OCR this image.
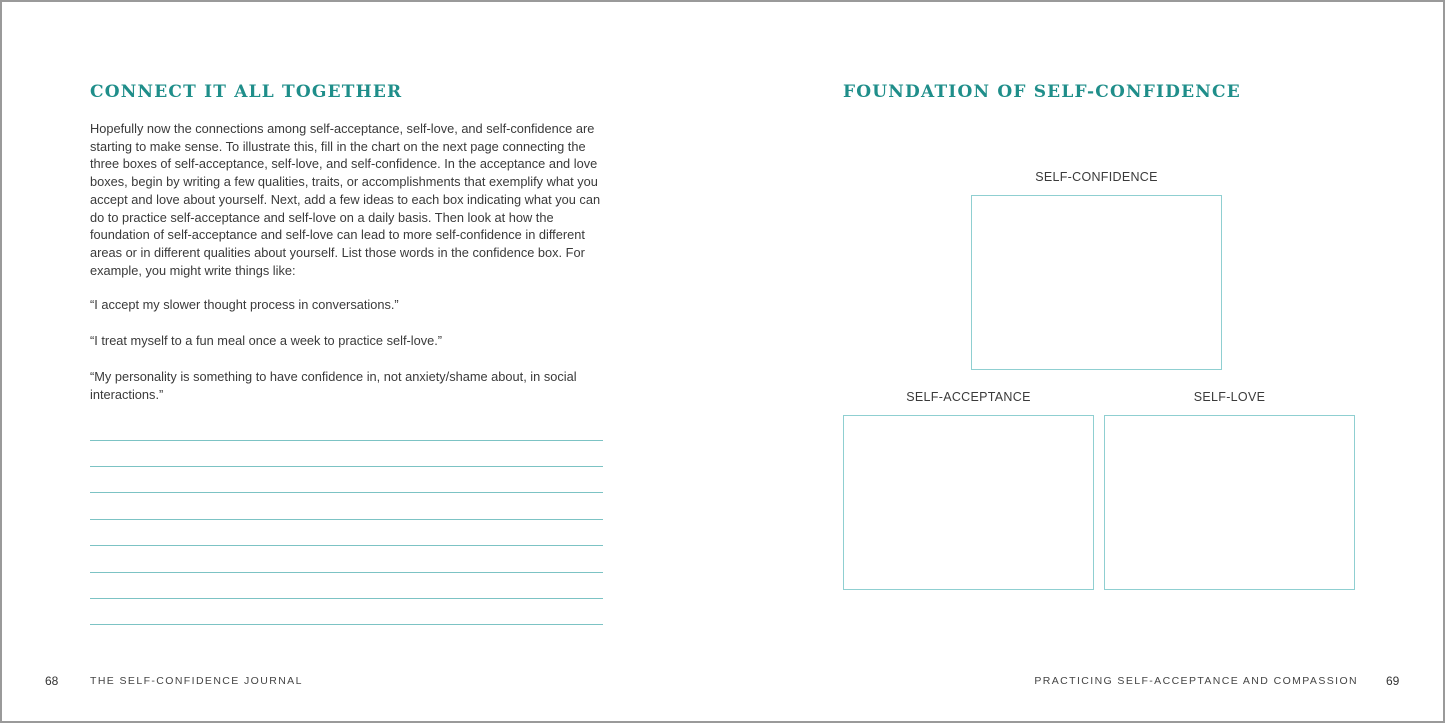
CONNECT IT ALL TOGETHER

Hopefully now the connections among self-acceptance, self-love, and self-confidence are starting to make sense. To illustrate this, fill in the chart on the next page connecting the three boxes of self-acceptance, self-love, and self-confidence. In the acceptance and love boxes, begin by writing a few qualities, traits, or accomplishments that exemplify what you accept and love about yourself. Next, add a few ideas to each box indicating what you can do to practice self-acceptance and self-love on a daily basis. Then look at how the foundation of self-acceptance and self-love can lead to more self-confidence in different areas or in different qualities about yourself. List those words in the confidence box. For example, you might write things like:

“I accept my slower thought process in conversations.”

“I treat myself to a fun meal once a week to practice self-love.”

“My personality is something to have confidence in, not anxiety/shame about, in social interactions.”

68	THE SELF-CONFIDENCE JOURNAL
FOUNDATION OF SELF-CONFIDENCE
SELF-CONFIDENCE
SELF-ACCEPTANCE	SELF-LOVE
PRACTICING SELF-ACCEPTANCE AND COMPASSION 69
